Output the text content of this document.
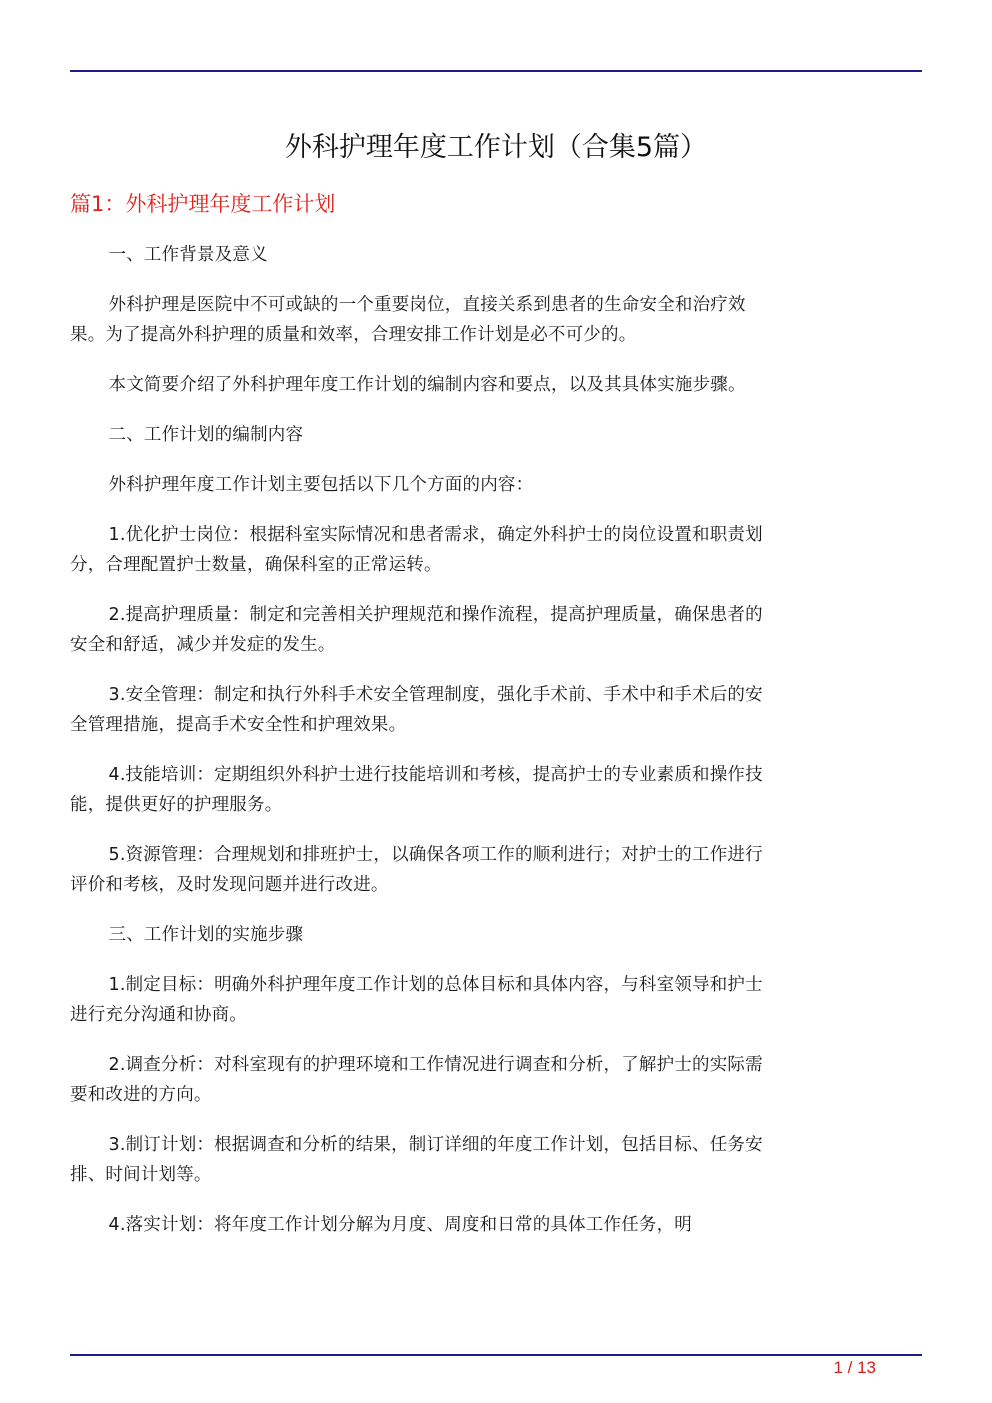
外科护理年度工作计划（合集5篇）
篇1：外科护理年度工作计划

一、工作背景及意义

外科护理是医院中不可或缺的一个重要岗位，直接关系到患者的生命安全和治疗效果。为了提高外科护理的质量和效率，合理安排工作计划是必不可少的。

本文简要介绍了外科护理年度工作计划的编制内容和要点，以及其具体实施步骤。

二、工作计划的编制内容

外科护理年度工作计划主要包括以下几个方面的内容：

1.优化护士岗位：根据科室实际情况和患者需求，确定外科护士的岗位设置和职责划分，合理配置护士数量，确保科室的正常运转。

2.提高护理质量：制定和完善相关护理规范和操作流程，提高护理质量，确保患者的安全和舒适，减少并发症的发生。

3.安全管理：制定和执行外科手术安全管理制度，强化手术前、手术中和手术后的安全管理措施，提高手术安全性和护理效果。

4.技能培训：定期组织外科护士进行技能培训和考核，提高护士的专业素质和操作技能，提供更好的护理服务。

5.资源管理：合理规划和排班护士，以确保各项工作的顺利进行；对护士的工作进行评价和考核，及时发现问题并进行改进。

三、工作计划的实施步骤

1.制定目标：明确外科护理年度工作计划的总体目标和具体内容，与科室领导和护士进行充分沟通和协商。

2.调查分析：对科室现有的护理环境和工作情况进行调查和分析，了解护士的实际需要和改进的方向。

3.制订计划：根据调查和分析的结果，制订详细的年度工作计划，包括目标、任务安排、时间计划等。

4.落实计划：将年度工作计划分解为月度、周度和日常的具体工作任务，明

1 / 13
